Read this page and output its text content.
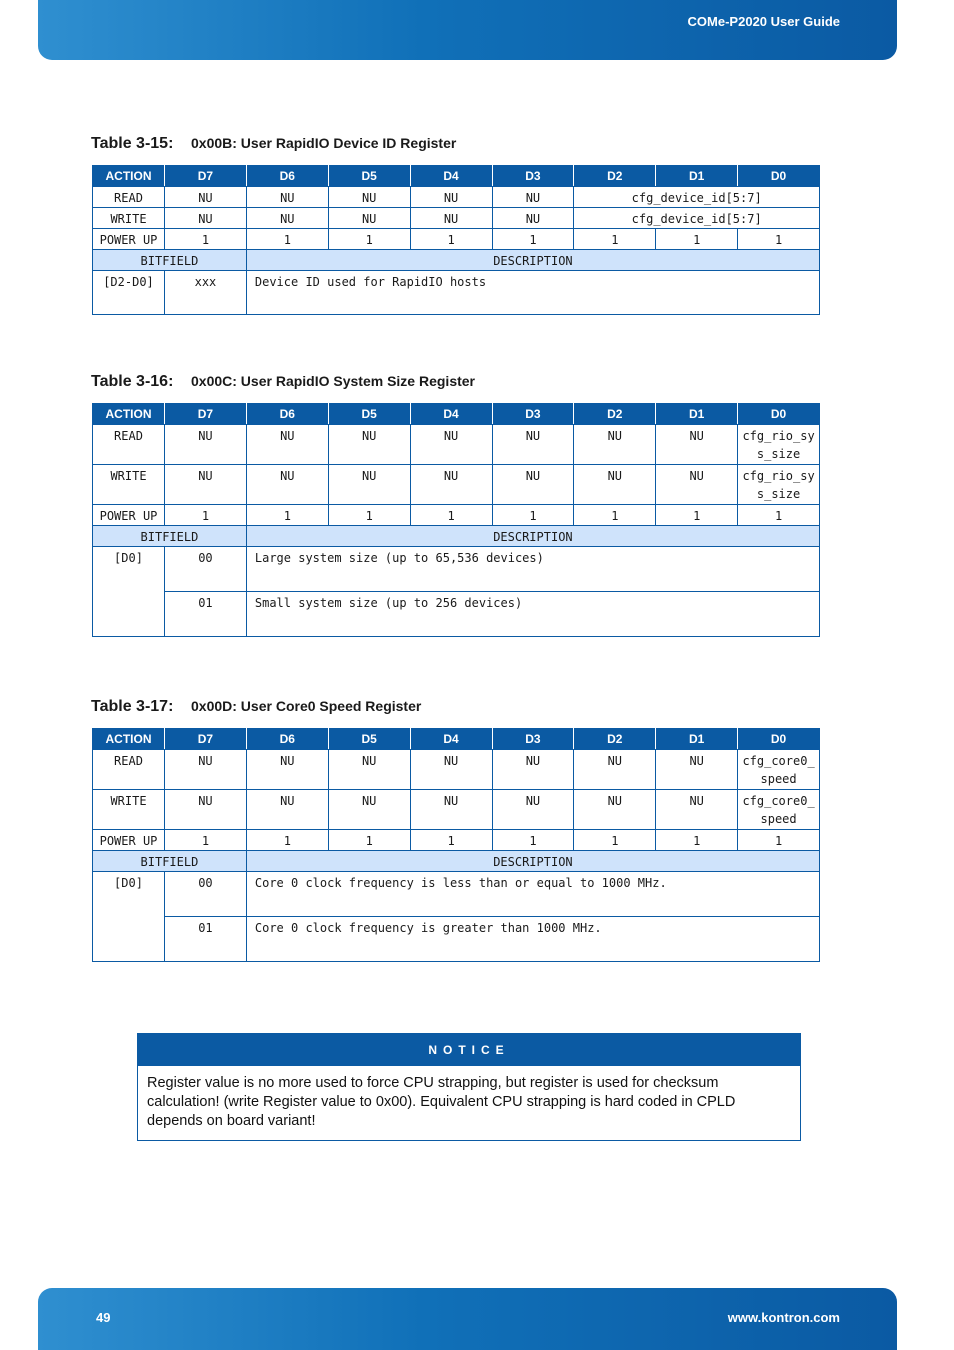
COMe-P2020 User Guide
Table 3-15: 0x00B: User RapidIO Device ID Register
ACTION	D7	D6	D5	D4	D3	D2	D1	D0
READ	NU	NU	NU	NU	NU	cfg_device_id[5:7]		
WRITE	NU	NU	NU	NU	NU	cfg_device_id[5:7]		
POWER UP	1	1	1	1	1	1	1	1
BITFIELD		DESCRIPTION						
[D2-D0]	xxx	Device ID used for RapidIO hosts						
Table 3-16: 0x00C: User RapidIO System Size Register
ACTION	D7	D6	D5	D4	D3	D2	D1	D0
READ	NU	NU	NU	NU	NU	NU	NU	cfg_rio_sys_size
WRITE	NU	NU	NU	NU	NU	NU	NU	cfg_rio_sys_size
POWER UP	1	1	1	1	1	1	1	1
BITFIELD		DESCRIPTION						
[D0]	00	Large system size (up to 65,536 devices)						
	01	Small system size (up to 256 devices)						
Table 3-17: 0x00D: User Core0 Speed Register
ACTION	D7	D6	D5	D4	D3	D2	D1	D0
READ	NU	NU	NU	NU	NU	NU	NU	cfg_core0_speed
WRITE	NU	NU	NU	NU	NU	NU	NU	cfg_core0_speed
POWER UP	1	1	1	1	1	1	1	1
BITFIELD		DESCRIPTION						
[D0]	00	Core 0 clock frequency is less than or equal to 1000 MHz.						
	01	Core 0 clock frequency is greater than 1000 MHz.						
NOTICE
Register value is no more used to force CPU strapping, but register is used for checksum calculation! (write Register value to 0x00). Equivalent CPU strapping is hard coded in CPLD depends on board variant!
49	www.kontron.com
